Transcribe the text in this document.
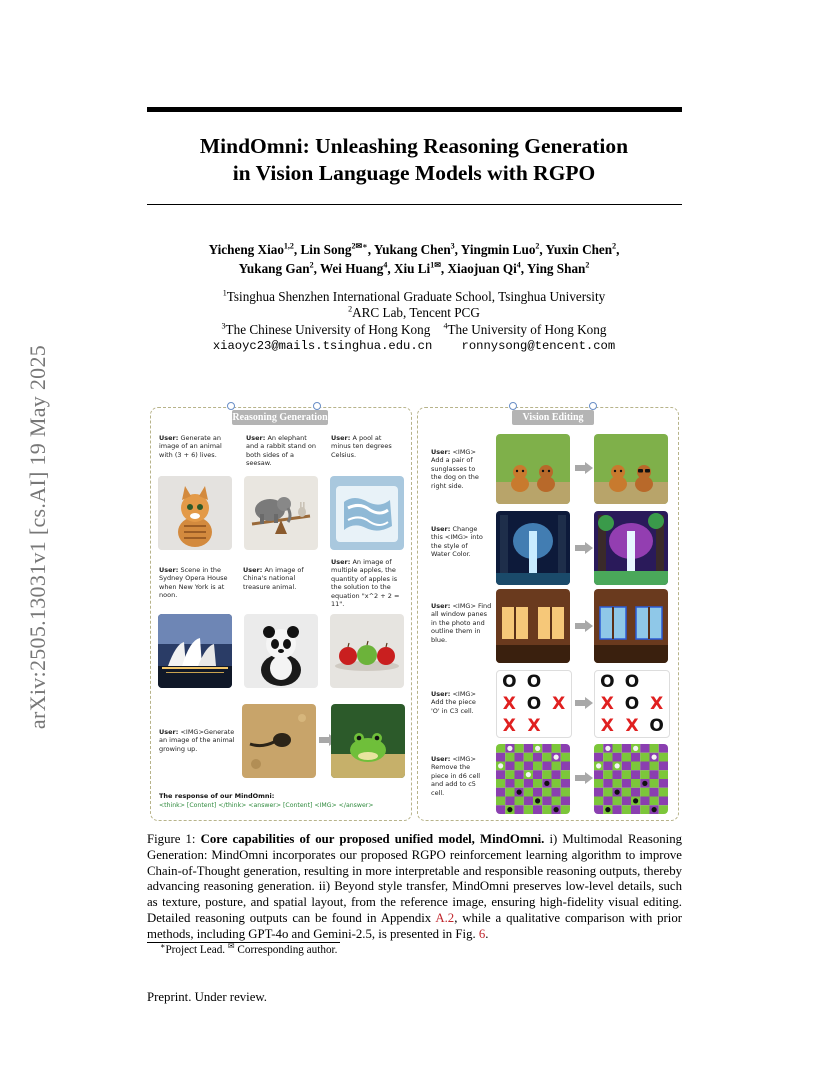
arXiv:2505.13031v1 [cs.AI] 19 May 2025
MindOmni: Unleashing Reasoning Generation
in Vision Language Models with RGPO
Yicheng Xiao$^{1,2}$, Lin Song$^{2✉∗}$, Yukang Chen$^3$, Yingmin Luo$^2$, Yuxin Chen$^2$,
Yukang Gan$^2$, Wei Huang$^4$, Xiu $Li^{1✉}$, Xiaojuan Qi$^4$, Ying Shan$^2$
$^1$Tsinghua Shenzhen International Graduate School, Tsinghua University
$^2$ARC Lab, Tencent PCG
$^3$The Chinese University of Hong Kong $^4$The University of Hong Kong
xiaoyc23@mails.tsinghua.edu.cn ronnysong@tencent.com
Reasoning Generation
User: Generate an image of an animal with (3 + 6) lives.
User: An elephant and a rabbit stand on both sides of a seesaw.
User: A pool at minus ten degrees Celsius.
User: Scene in the Sydney Opera House when New York is at noon.
User: An image of China's national treasure animal.
User: An image of multiple apples, the quantity of apples is the solution to the equation "x^2 + 2 = 11".
User: <IMG>Generate an image of the animal growing up.
The response of our MindOmni:
<think> [Content] </think> <answer> [Content] <IMG> </answer>
Vision Editing
User: <IMG> Add a pair of sunglasses to the dog on the right side.
User: Change this <IMG> into the style of Water Color.
User: <IMG> Find all window panes in the photo and outline them in blue.
User: <IMG> Add the piece 'O' in C3 cell.
O O
X O X
X X
O O
X O X
X X O
User: <IMG> Remove the piece in d6 cell and add to c5 cell.
Figure 1: Core capabilities of our proposed unified model, MindOmni. i) Multimodal Reasoning Generation: MindOmni incorporates our proposed RGPO reinforcement learning algorithm to improve Chain-of-Thought generation, resulting in more interpretable and responsible reasoning outputs, thereby advancing reasoning generation. ii) Beyond style transfer, MindOmni preserves low-level details, such as texture, posture, and spatial layout, from the reference image, ensuring high-fidelity visual editing. Detailed reasoning outputs can be found in Appendix A.2, while a qualitative comparison with prior methods, including GPT-4o and Gemini-2.5, is presented in Fig. 6.
∗Project Lead. ✉ Corresponding author.
Preprint. Under review.
